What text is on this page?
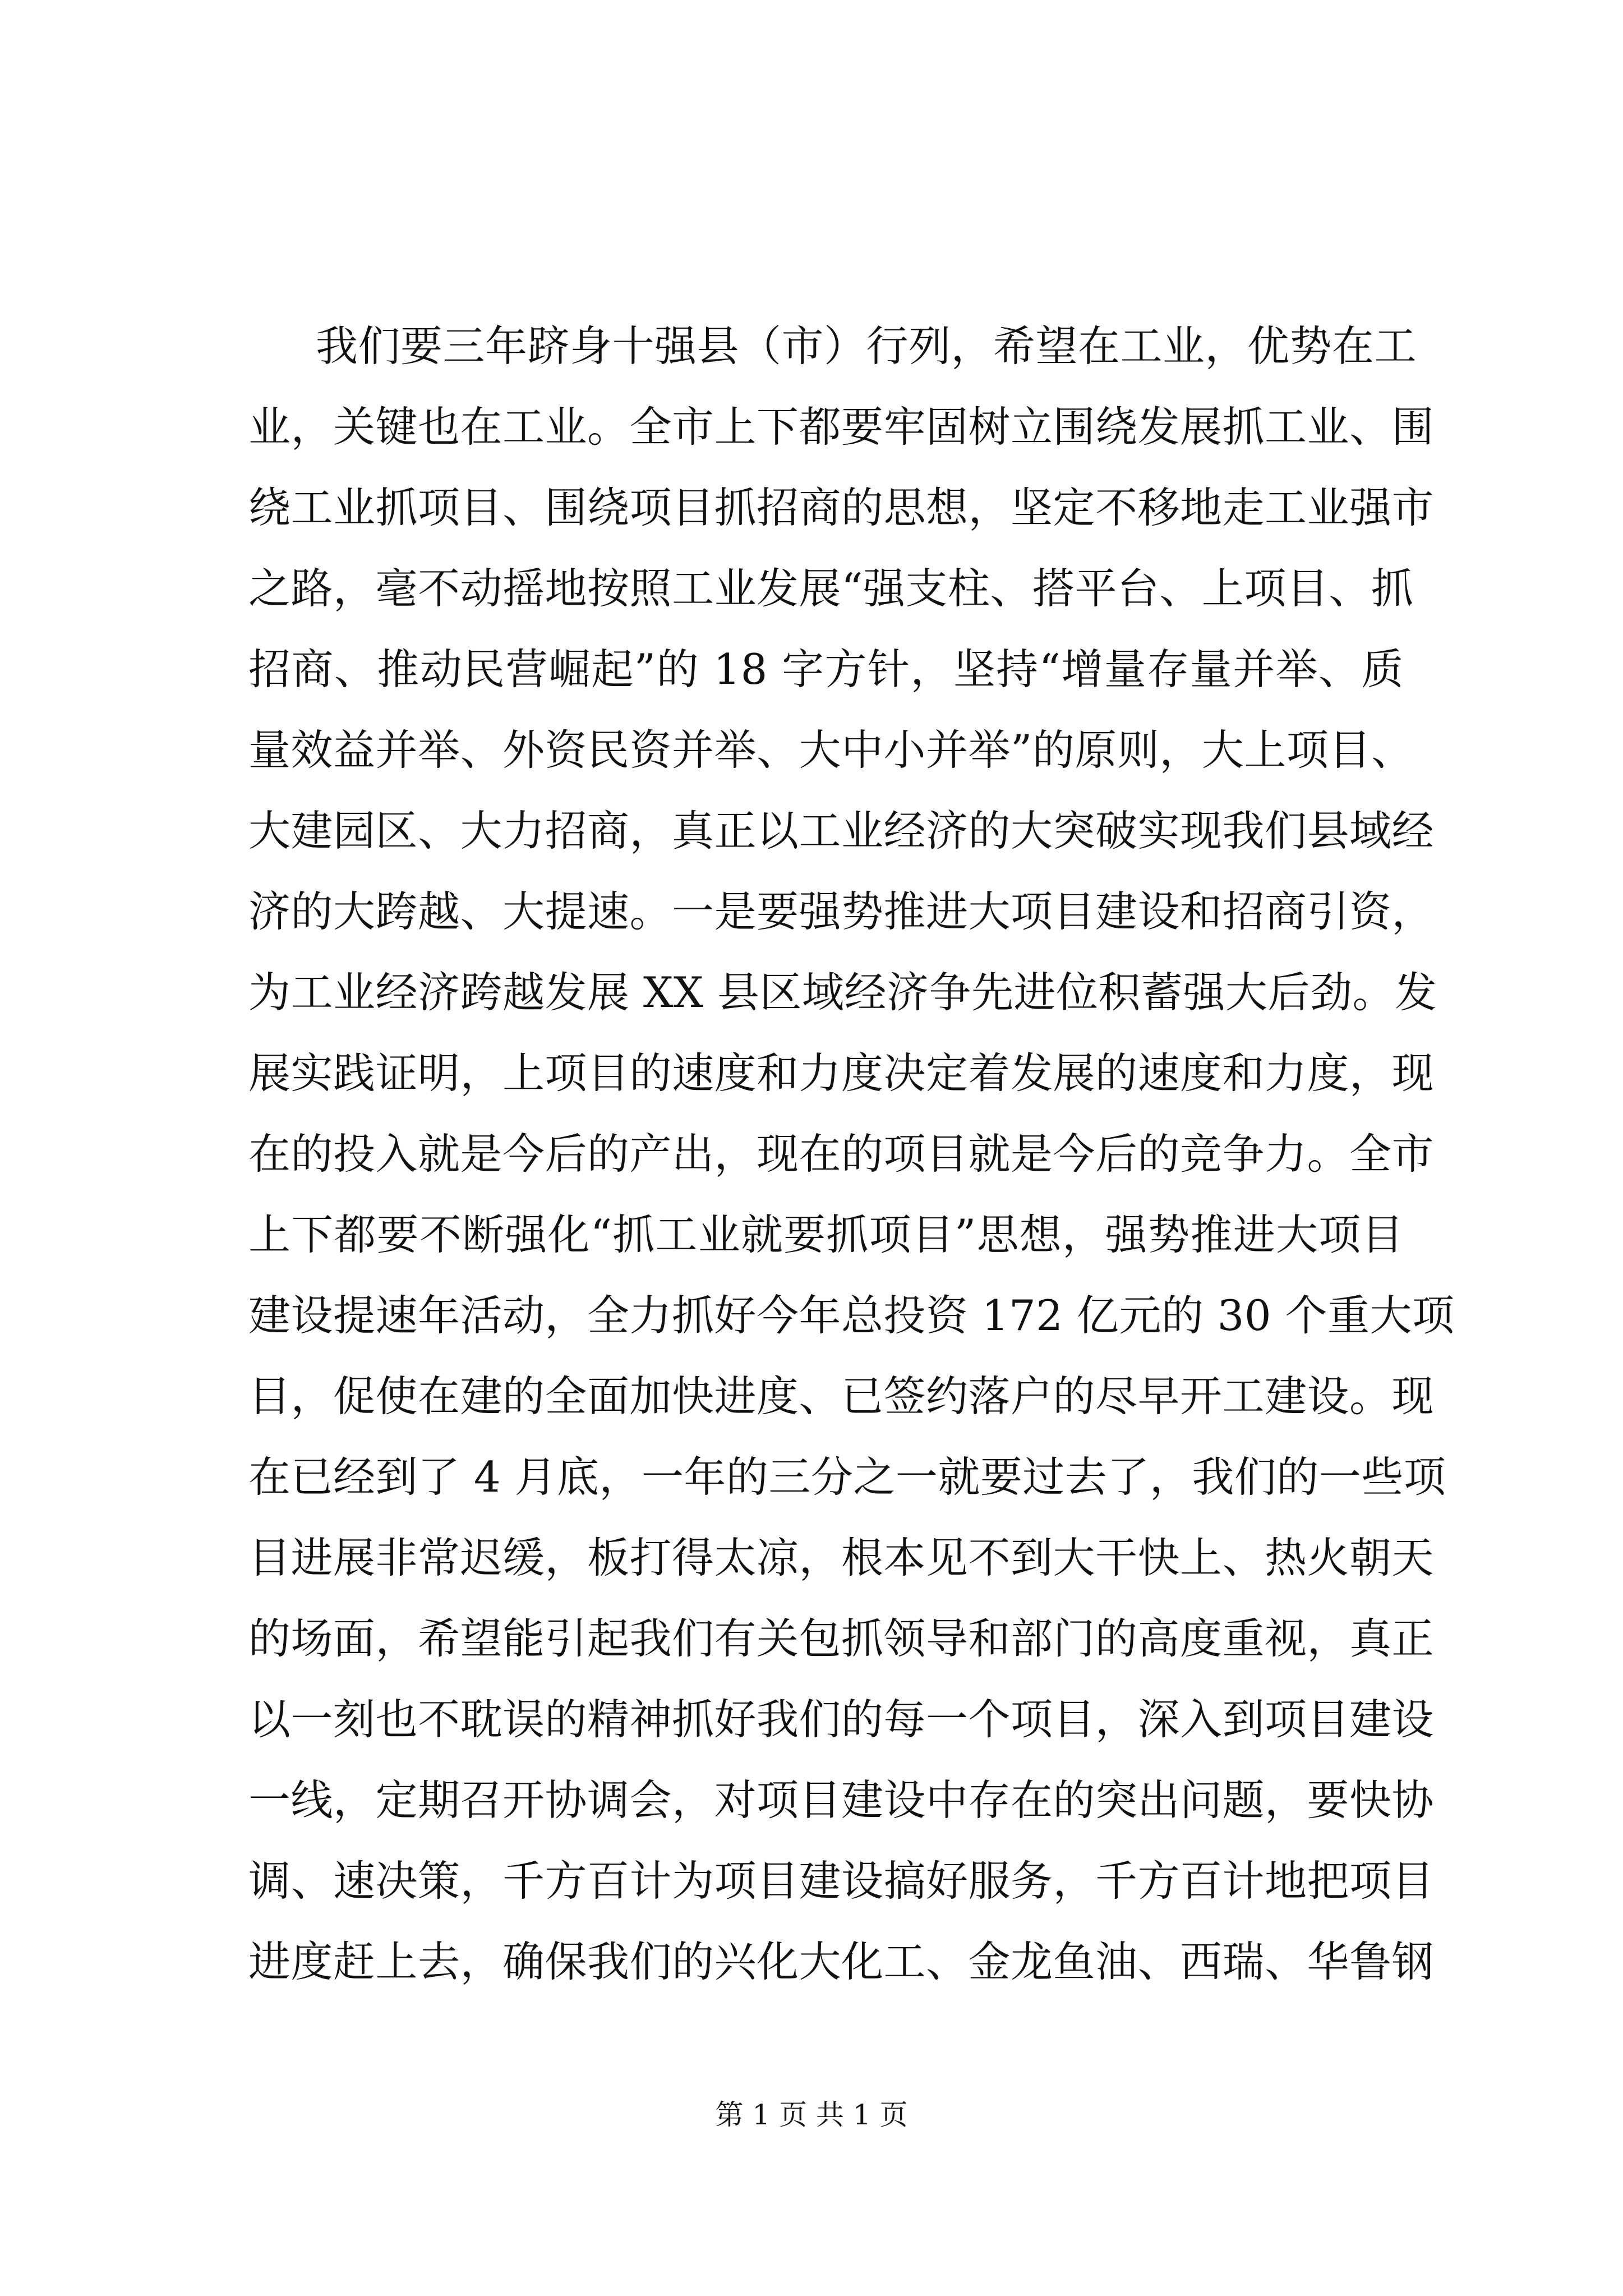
我们要三年跻身十强县（市）行列，希望在工业，优势在工
业，关键也在工业。全市上下都要牢固树立围绕发展抓工业、围
绕工业抓项目、围绕项目抓招商的思想，坚定不移地走工业强市
之路，毫不动摇地按照工业发展“强支柱、搭平台、上项目、抓
招商、推动民营崛起”的 18 字方针，坚持“增量存量并举、质
量效益并举、外资民资并举、大中小并举”的原则，大上项目、
大建园区、大力招商，真正以工业经济的大突破实现我们县域经
济的大跨越、大提速。一是要强势推进大项目建设和招商引资，
为工业经济跨越发展 XX 县区域经济争先进位积蓄强大后劲。发
展实践证明，上项目的速度和力度决定着发展的速度和力度，现
在的投入就是今后的产出，现在的项目就是今后的竞争力。全市
上下都要不断强化“抓工业就要抓项目”思想，强势推进大项目
建设提速年活动，全力抓好今年总投资 172 亿元的 30 个重大项
目，促使在建的全面加快进度、已签约落户的尽早开工建设。现
在已经到了 4 月底，一年的三分之一就要过去了，我们的一些项
目进展非常迟缓，板打得太凉，根本见不到大干快上、热火朝天
的场面，希望能引起我们有关包抓领导和部门的高度重视，真正
以一刻也不耽误的精神抓好我们的每一个项目，深入到项目建设
一线，定期召开协调会，对项目建设中存在的突出问题，要快协
调、速决策，千方百计为项目建设搞好服务，千方百计地把项目
进度赶上去，确保我们的兴化大化工、金龙鱼油、西瑞、华鲁钢
第 1 页 共 1 页
